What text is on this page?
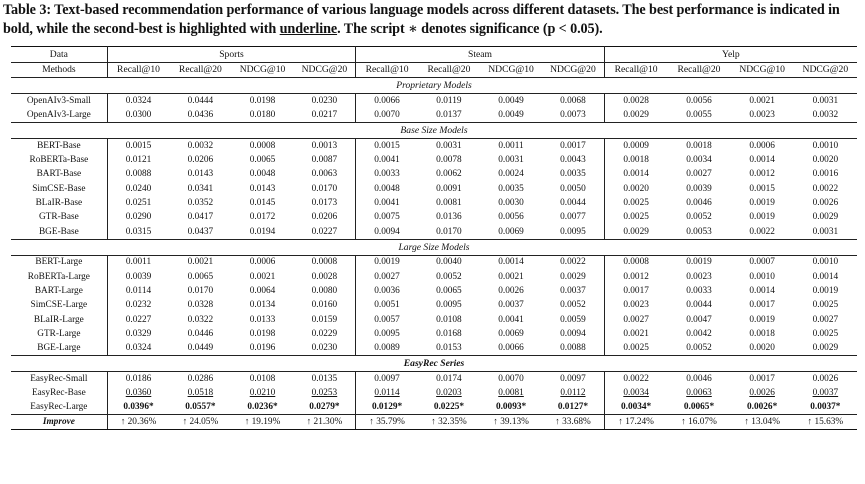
Table 3: Text-based recommendation performance of various language models across different datasets. The best performance is indicated in bold, while the second-best is highlighted with underline. The script ∗ denotes significance (p < 0.05).
Data	Sports				Steam				Yelp			
Methods	Recall@10	Recall@20	NDCG@10	NDCG@20	Recall@10	Recall@20	NDCG@10	NDCG@20	Recall@10	Recall@20	NDCG@10	NDCG@20
Proprietary Models												
OpenAIv3-Small	0.0324	0.0444	0.0198	0.0230	0.0066	0.0119	0.0049	0.0068	0.0028	0.0056	0.0021	0.0031
OpenAIv3-Large	0.0300	0.0436	0.0180	0.0217	0.0070	0.0137	0.0049	0.0073	0.0029	0.0055	0.0023	0.0032
Base Size Models												
BERT-Base	0.0015	0.0032	0.0008	0.0013	0.0015	0.0031	0.0011	0.0017	0.0009	0.0018	0.0006	0.0010
RoBERTa-Base	0.0121	0.0206	0.0065	0.0087	0.0041	0.0078	0.0031	0.0043	0.0018	0.0034	0.0014	0.0020
BART-Base	0.0088	0.0143	0.0048	0.0063	0.0033	0.0062	0.0024	0.0035	0.0014	0.0027	0.0012	0.0016
SimCSE-Base	0.0240	0.0341	0.0143	0.0170	0.0048	0.0091	0.0035	0.0050	0.0020	0.0039	0.0015	0.0022
BLaIR-Base	0.0251	0.0352	0.0145	0.0173	0.0041	0.0081	0.0030	0.0044	0.0025	0.0046	0.0019	0.0026
GTR-Base	0.0290	0.0417	0.0172	0.0206	0.0075	0.0136	0.0056	0.0077	0.0025	0.0052	0.0019	0.0029
BGE-Base	0.0315	0.0437	0.0194	0.0227	0.0094	0.0170	0.0069	0.0095	0.0029	0.0053	0.0022	0.0031
Large Size Models												
BERT-Large	0.0011	0.0021	0.0006	0.0008	0.0019	0.0040	0.0014	0.0022	0.0008	0.0019	0.0007	0.0010
RoBERTa-Large	0.0039	0.0065	0.0021	0.0028	0.0027	0.0052	0.0021	0.0029	0.0012	0.0023	0.0010	0.0014
BART-Large	0.0114	0.0170	0.0064	0.0080	0.0036	0.0065	0.0026	0.0037	0.0017	0.0033	0.0014	0.0019
SimCSE-Large	0.0232	0.0328	0.0134	0.0160	0.0051	0.0095	0.0037	0.0052	0.0023	0.0044	0.0017	0.0025
BLaIR-Large	0.0227	0.0322	0.0133	0.0159	0.0057	0.0108	0.0041	0.0059	0.0027	0.0047	0.0019	0.0027
GTR-Large	0.0329	0.0446	0.0198	0.0229	0.0095	0.0168	0.0069	0.0094	0.0021	0.0042	0.0018	0.0025
BGE-Large	0.0324	0.0449	0.0196	0.0230	0.0089	0.0153	0.0066	0.0088	0.0025	0.0052	0.0020	0.0029
EasyRec Series												
EasyRec-Small	0.0186	0.0286	0.0108	0.0135	0.0097	0.0174	0.0070	0.0097	0.0022	0.0046	0.0017	0.0026
EasyRec-Base	0.0360	0.0518	0.0210	0.0253	0.0114	0.0203	0.0081	0.0112	0.0034	0.0063	0.0026	0.0037
EasyRec-Large	0.0396*	0.0557*	0.0236*	0.0279*	0.0129*	0.0225*	0.0093*	0.0127*	0.0034*	0.0065*	0.0026*	0.0037*
Improve	↑ 20.36%	↑ 24.05%	↑ 19.19%	↑ 21.30%	↑ 35.79%	↑ 32.35%	↑ 39.13%	↑ 33.68%	↑ 17.24%	↑ 16.07%	↑ 13.04%	↑ 15.63%
